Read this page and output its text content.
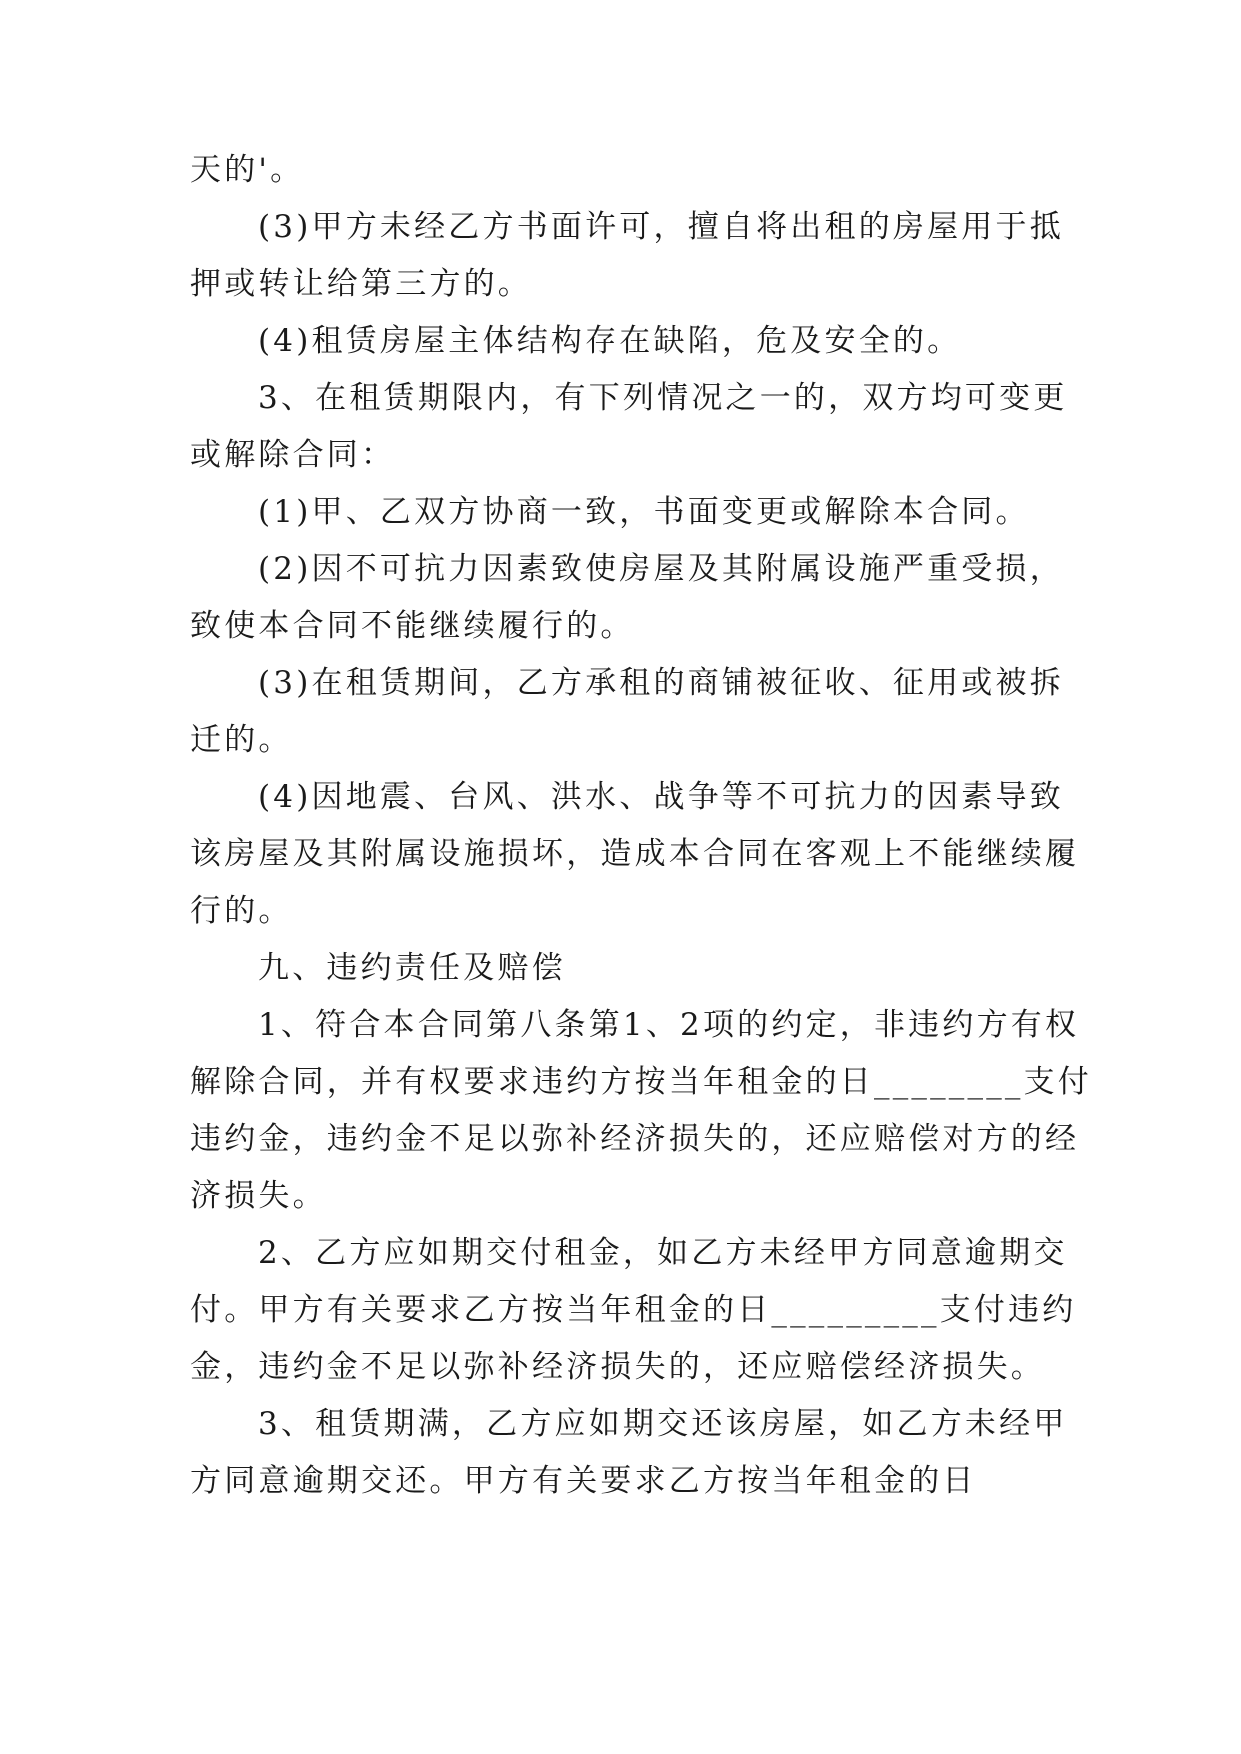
天的'。
(3)甲方未经乙方书面许可，擅自将出租的房屋用于抵
押或转让给第三方的。
(4)租赁房屋主体结构存在缺陷，危及安全的。
3、在租赁期限内，有下列情况之一的，双方均可变更
或解除合同：
(1)甲、乙双方协商一致，书面变更或解除本合同。
(2)因不可抗力因素致使房屋及其附属设施严重受损，
致使本合同不能继续履行的。
(3)在租赁期间，乙方承租的商铺被征收、征用或被拆
迁的。
(4)因地震、台风、洪水、战争等不可抗力的因素导致
该房屋及其附属设施损坏，造成本合同在客观上不能继续履
行的。
九、违约责任及赔偿
1、符合本合同第八条第1、2项的约定，非违约方有权
解除合同，并有权要求违约方按当年租金的日________支付
违约金，违约金不足以弥补经济损失的，还应赔偿对方的经
济损失。
2、乙方应如期交付租金，如乙方未经甲方同意逾期交
付。甲方有关要求乙方按当年租金的日_________支付违约
金，违约金不足以弥补经济损失的，还应赔偿经济损失。
3、租赁期满，乙方应如期交还该房屋，如乙方未经甲
方同意逾期交还。甲方有关要求乙方按当年租金的日
